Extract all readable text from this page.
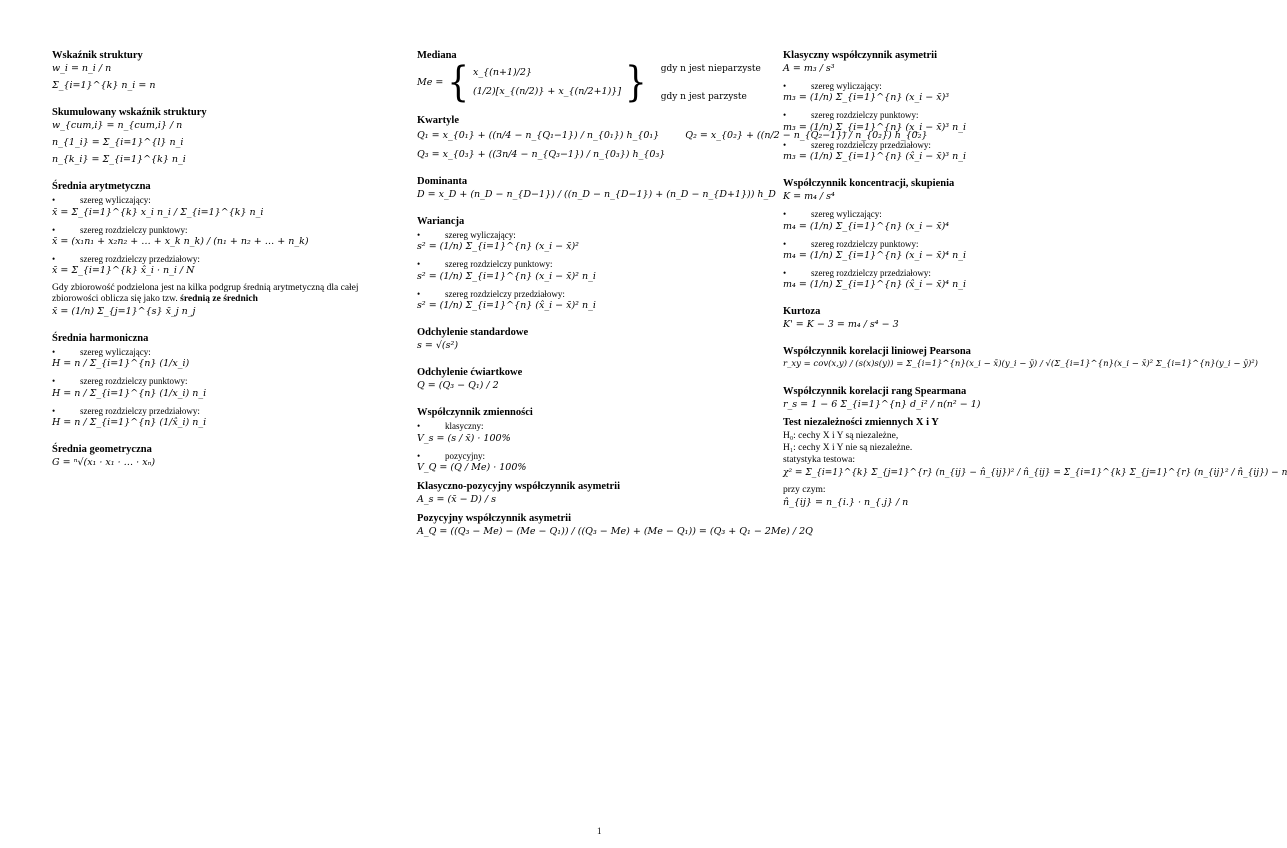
Wskaźnik struktury
w_i = n_i / n
Σ_{i=1}^{k} n_i = n
Skumulowany wskaźnik struktury
w_{cum,i} = n_{cum,i} / n
n_{1_i} = Σ_{i=1}^{l} n_i
n_{k_i} = Σ_{i=1}^{k} n_i
Średnia arytmetyczna
• szereg wyliczający:
x̄ = Σ_{i=1}^{k} x_i n_i / Σ_{i=1}^{k} n_i
• szereg rozdzielczy punktowy:
x̄ = (x₁n₁ + x₂n₂ + … + x_k n_k) / (n₁ + n₂ + … + n_k)
• szereg rozdzielczy przedziałowy:
x̄ = Σ_{i=1}^{k} x̂_i · n_i / N
Gdy zbiorowość podzielona jest na kilka podgrup średnią arytmetyczną dla całej zbiorowości oblicza się jako tzw. średnią ze średnich
x̄ = (1/n) Σ_{j=1}^{s} x̄_j n_j
Średnia harmoniczna
• szereg wyliczający:
H = n / Σ_{i=1}^{n} (1/x_i)
• szereg rozdzielczy punktowy:
H = n / Σ_{i=1}^{n} (1/x_i) n_i
• szereg rozdzielczy przedziałowy:
H = n / Σ_{i=1}^{n} (1/x̂_i) n_i
Średnia geometryczna
G = ⁿ√(x₁ · x₁ · … · xₙ)
Mediana
Me = { x_{(n+1)/2}
(1/2)[x_{(n/2)} + x_{(n/2+1)}] } gdy n jest nieparzyste
gdy n jest parzyste
Kwartyle
Q₁ = x_{0₁} + ((n/4 − n_{Q₁−1}) / n_{0₁}) h_{0₁}	Q₂ = x_{0₂} + ((n/2 − n_{Q₂−1}) / n_{0₂}) h_{0₂}
Q₃ = x_{0₃} + ((3n/4 − n_{Q₃−1}) / n_{0₃}) h_{0₃}
Dominanta
D = x_D + (n_D − n_{D−1}) / ((n_D − n_{D−1}) + (n_D − n_{D+1})) h_D
Wariancja
• szereg wyliczający:
s² = (1/n) Σ_{i=1}^{n} (x_i − x̄)²
• szereg rozdzielczy punktowy:
s² = (1/n) Σ_{i=1}^{n} (x_i − x̄)² n_i
• szereg rozdzielczy przedziałowy:
s² = (1/n) Σ_{i=1}^{n} (x̂_i − x̄)² n_i
Odchylenie standardowe
s = √(s²)
Odchylenie ćwiartkowe
Q = (Q₃ − Q₁) / 2
Współczynnik zmienności
• klasyczny:
V_s = (s / x̄) · 100%
• pozycyjny:
V_Q = (Q / Me) · 100%
Klasyczno-pozycyjny współczynnik asymetrii
A_s = (x̄ − D) / s
Pozycyjny współczynnik asymetrii
A_Q = ((Q₃ − Me) − (Me − Q₁)) / ((Q₃ − Me) + (Me − Q₁)) = (Q₃ + Q₁ − 2Me) / 2Q
Klasyczny współczynnik asymetrii
A = m₃ / s³
• szereg wyliczający:
m₃ = (1/n) Σ_{i=1}^{n} (x_i − x̄)³
• szereg rozdzielczy punktowy:
m₃ = (1/n) Σ_{i=1}^{n} (x_i − x̄)³ n_i
• szereg rozdzielczy przedziałowy:
m₃ = (1/n) Σ_{i=1}^{n} (x̂_i − x̄)³ n_i
Współczynnik koncentracji, skupienia
K = m₄ / s⁴
• szereg wyliczający:
m₄ = (1/n) Σ_{i=1}^{n} (x_i − x̄)⁴
• szereg rozdzielczy punktowy:
m₄ = (1/n) Σ_{i=1}^{n} (x_i − x̄)⁴ n_i
• szereg rozdzielczy przedziałowy:
m₄ = (1/n) Σ_{i=1}^{n} (x̂_i − x̄)⁴ n_i
Kurtoza
K' = K − 3 = m₄ / s⁴ − 3
Współczynnik korelacji liniowej Pearsona
r_xy = cov(x,y) / (s(x)s(y)) = Σ_{i=1}^{n}(x_i − x̄)(y_i − ȳ) / √(Σ_{i=1}^{n}(x_i − x̄)² Σ_{i=1}^{n}(y_i − ȳ)²)
Współczynnik korelacji rang Spearmana
r_s = 1 − 6 Σ_{i=1}^{n} d_i² / n(n² − 1)
Test niezależności zmiennych X i Y
H₀: cechy X i Y są niezależne,
H₁: cechy X i Y nie są niezależne.
statystyka testowa:
χ² = Σ_{i=1}^{k} Σ_{j=1}^{r} (n_{ij} − n̂_{ij})² / n̂_{ij} = Σ_{i=1}^{k} Σ_{j=1}^{r} (n_{ij}² / n̂_{ij}) − n
przy czym:
n̂_{ij} = n_{i.} · n_{.j} / n
1
